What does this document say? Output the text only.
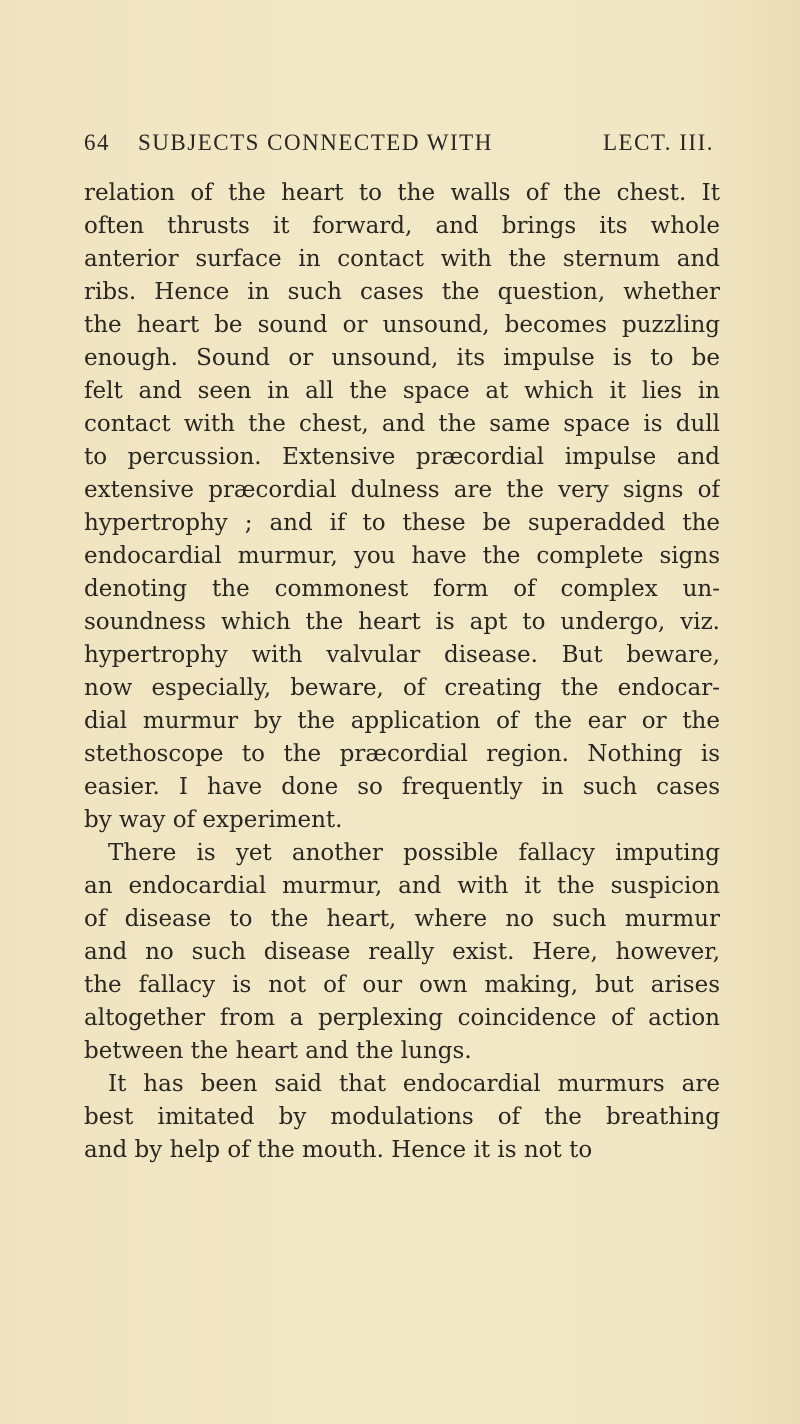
64 SUBJECTS CONNECTED WITH	LECT. III.
relation of the heart to the walls of the chest. It
often thrusts it forward, and brings its whole
anterior surface in contact with the sternum and
ribs. Hence in such cases the question, whether
the heart be sound or unsound, becomes puzzling
enough. Sound or unsound, its impulse is to be
felt and seen in all the space at which it lies in
contact with the chest, and the same space is dull
to percussion. Extensive præcordial impulse and
extensive præcordial dulness are the very signs of
hypertrophy ; and if to these be superadded the
endocardial murmur, you have the complete signs
denoting the commonest form of complex un-
soundness which the heart is apt to undergo, viz.
hypertrophy with valvular disease. But beware,
now especially, beware, of creating the endocar-
dial murmur by the application of the ear or the
stethoscope to the præcordial region. Nothing is
easier. I have done so frequently in such cases
by way of experiment.
There is yet another possible fallacy imputing
an endocardial murmur, and with it the suspicion
of disease to the heart, where no such murmur
and no such disease really exist. Here, however,
the fallacy is not of our own making, but arises
altogether from a perplexing coincidence of action
between the heart and the lungs.
It has been said that endocardial murmurs are
best imitated by modulations of the breathing
and by help of the mouth. Hence it is not to
